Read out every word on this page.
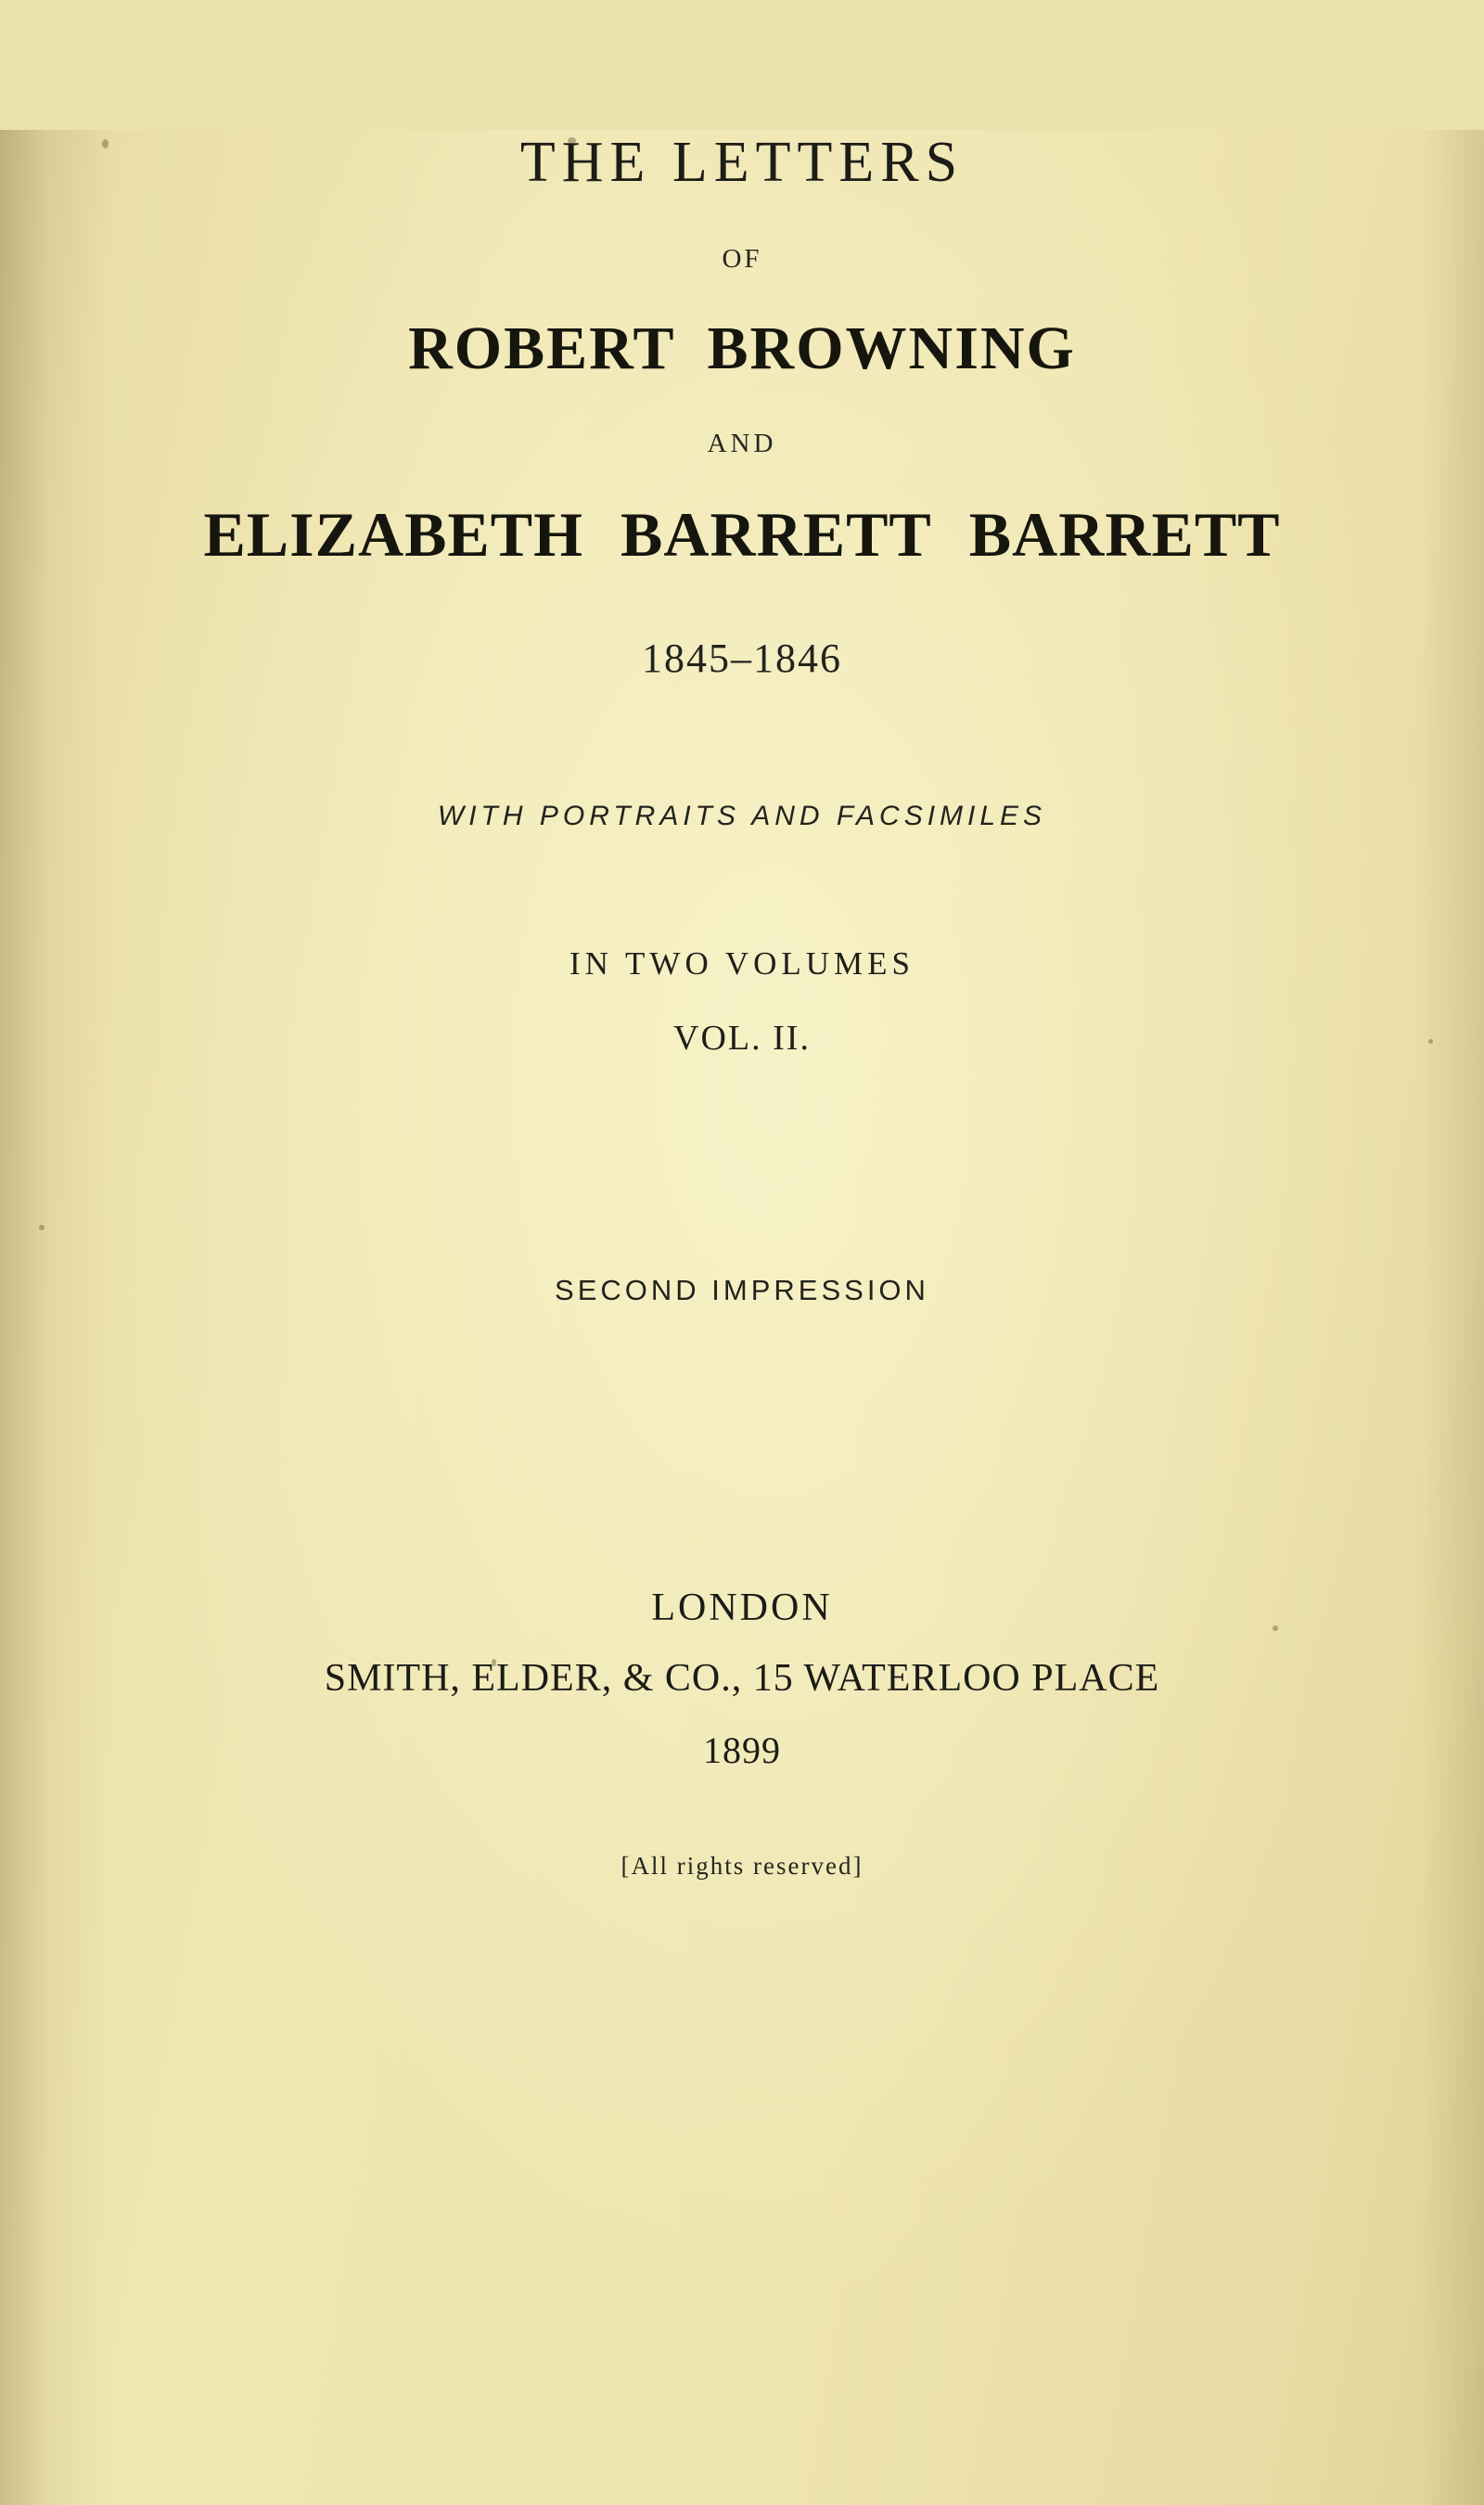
THE LETTERS
OF
ROBERT BROWNING
AND
ELIZABETH BARRETT BARRETT
1845–1846
WITH PORTRAITS AND FACSIMILES
IN TWO VOLUMES
VOL. II.
SECOND IMPRESSION
LONDON
SMITH, ELDER, & CO., 15 WATERLOO PLACE
1899
[All rights reserved]
